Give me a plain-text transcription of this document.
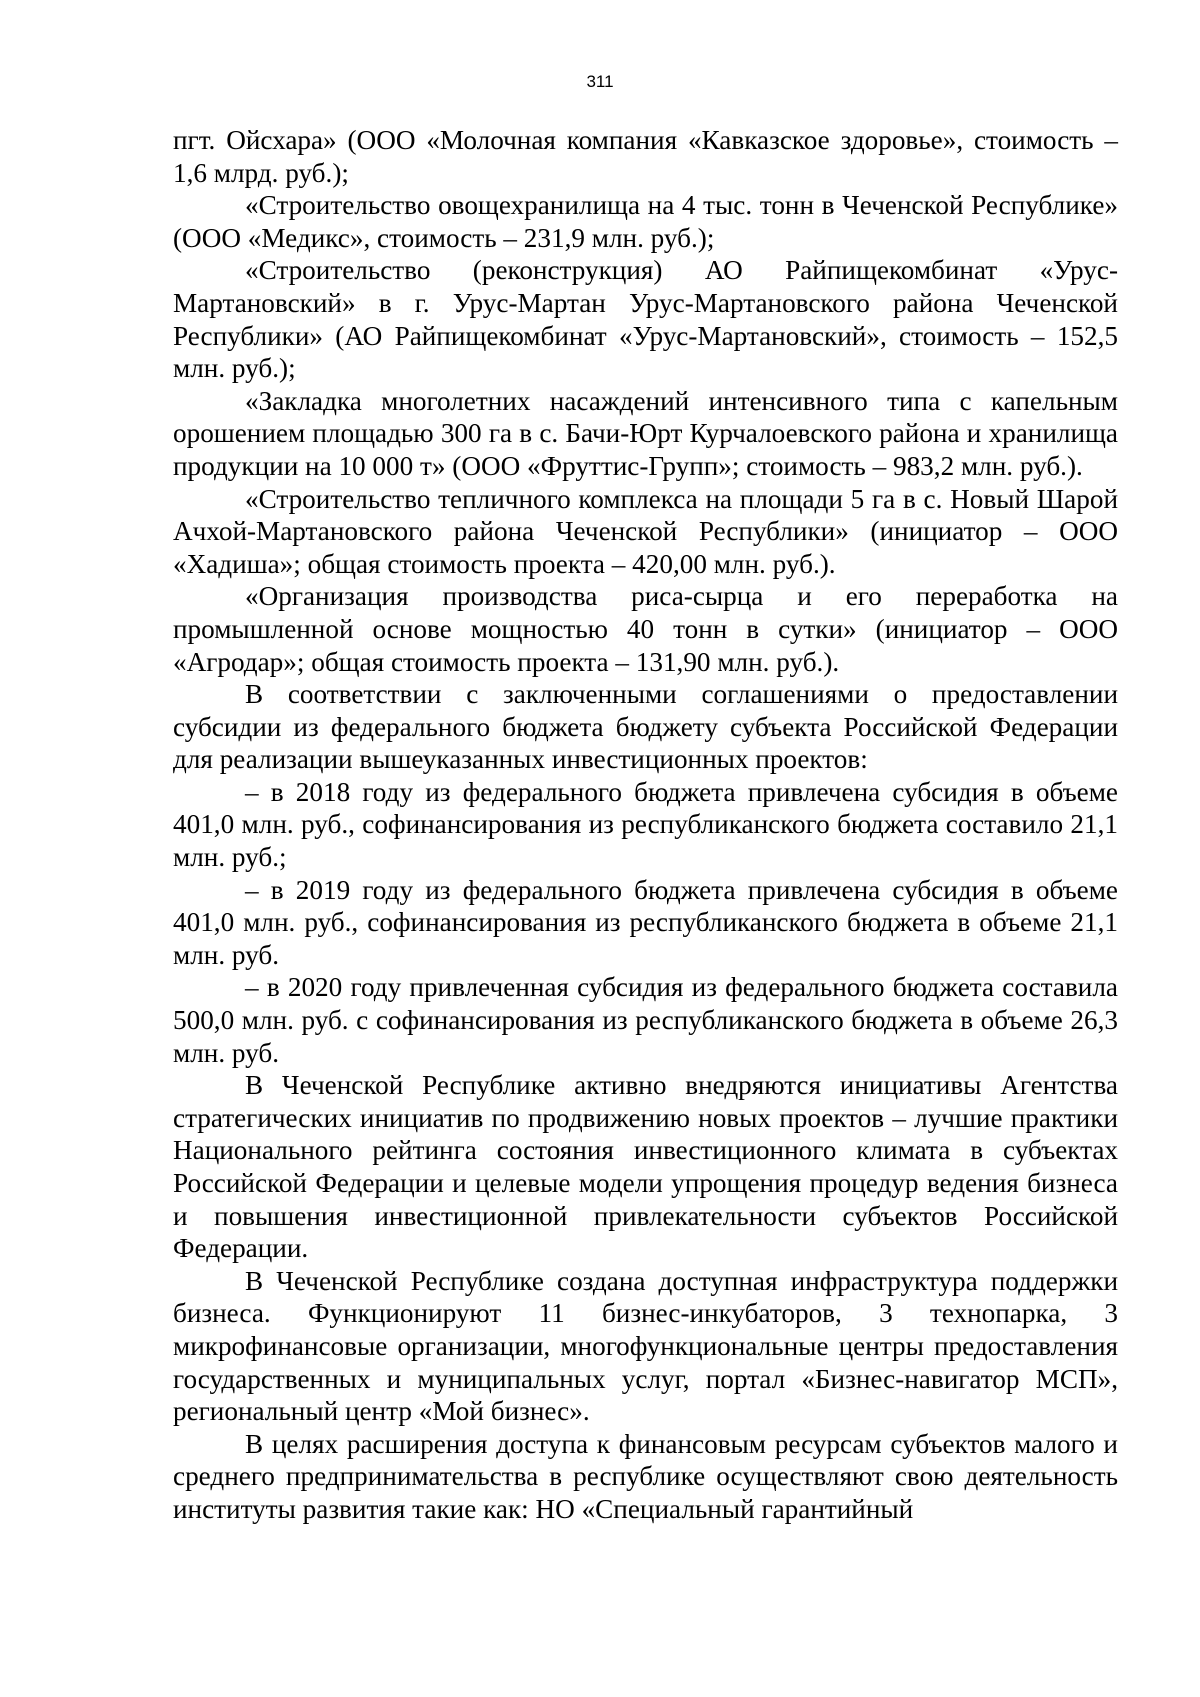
311

пгт. Ойсхара» (ООО «Молочная компания «Кавказское здоровье», стоимость – 1,6 млрд. руб.);

«Строительство овощехранилища на 4 тыс. тонн в Чеченской Республике» (ООО «Медикс», стоимость – 231,9 млн. руб.);

«Строительство (реконструкция) АО Райпищекомбинат «Урус-Мартановский» в г. Урус-Мартан Урус-Мартановского района Чеченской Республики» (АО Райпищекомбинат «Урус-Мартановский», стоимость – 152,5 млн. руб.);

«Закладка многолетних насаждений интенсивного типа с капельным орошением площадью 300 га в с. Бачи-Юрт Курчалоевского района и хранилища продукции на 10 000 т» (ООО «Фруттис-Групп»; стоимость – 983,2 млн. руб.).

«Строительство тепличного комплекса на площади 5 га в с. Новый Шарой Ачхой-Мартановского района Чеченской Республики» (инициатор – ООО «Хадиша»; общая стоимость проекта – 420,00 млн. руб.).

«Организация производства риса-сырца и его переработка на промышленной основе мощностью 40 тонн в сутки» (инициатор – ООО «Агродар»; общая стоимость проекта – 131,90 млн. руб.).

В соответствии с заключенными соглашениями о предоставлении субсидии из федерального бюджета бюджету субъекта Российской Федерации для реализации вышеуказанных инвестиционных проектов:

– в 2018 году из федерального бюджета привлечена субсидия в объеме 401,0 млн. руб., софинансирования из республиканского бюджета составило 21,1 млн. руб.;

– в 2019 году из федерального бюджета привлечена субсидия в объеме 401,0 млн. руб., софинансирования из республиканского бюджета в объеме 21,1 млн. руб.

– в 2020 году привлеченная субсидия из федерального бюджета составила 500,0 млн. руб. с софинансирования из республиканского бюджета в объеме 26,3 млн. руб.

В Чеченской Республике активно внедряются инициативы Агентства стратегических инициатив по продвижению новых проектов – лучшие практики Национального рейтинга состояния инвестиционного климата в субъектах Российской Федерации и целевые модели упрощения процедур ведения бизнеса и повышения инвестиционной привлекательности субъектов Российской Федерации.

В Чеченской Республике создана доступная инфраструктура поддержки бизнеса. Функционируют 11 бизнес-инкубаторов, 3 технопарка, 3 микрофинансовые организации, многофункциональные центры предоставления государственных и муниципальных услуг, портал «Бизнес-навигатор МСП», региональный центр «Мой бизнес».

В целях расширения доступа к финансовым ресурсам субъектов малого и среднего предпринимательства в республике осуществляют свою деятельность институты развития такие как: НО «Специальный гарантийный
